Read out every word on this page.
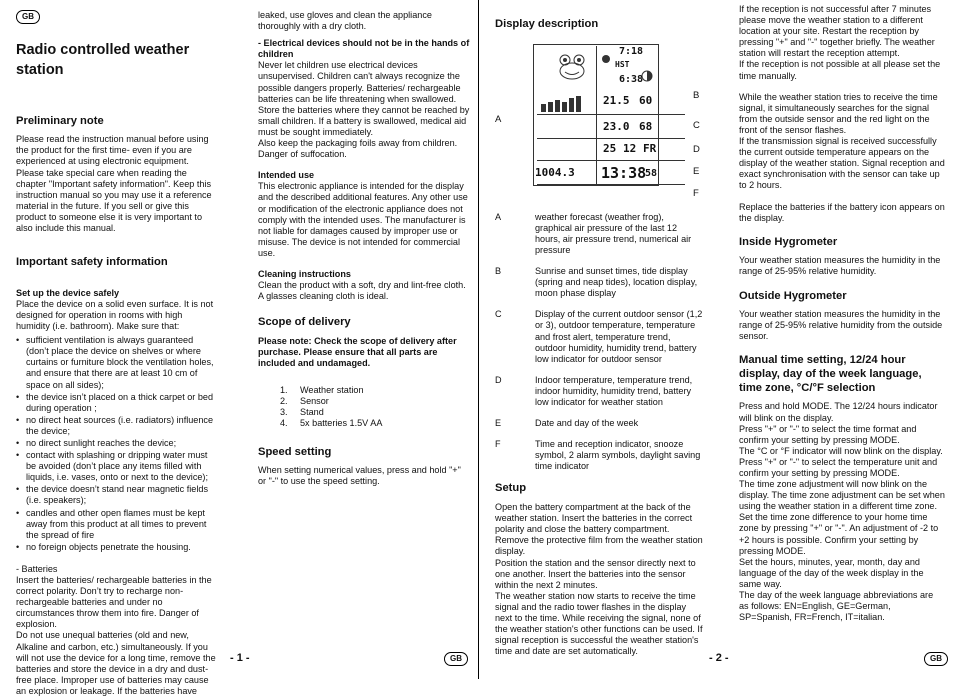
GB
Radio controlled weather station
Preliminary note

Please read the instruction manual before using the product for the first time- even if you are experienced at using electronic equipment. Please take special care when reading the chapter "Important safety information". Keep this instruction manual so you may use it a reference material in the future. If you sell or give this product to someone else it is very important to also include this manual.

Important safety information

Set up the device safely

Place the device on a solid even surface. It is not designed for operation in rooms with high humidity (i.e. bathroom). Make sure that:

• sufficient ventilation is always guaranteed (don’t place the device on shelves or where curtains or furniture block the ventilation holes, and ensure that there are at least 10 cm of space on all sides);
• the device isn’t placed on a thick carpet or bed during operation ;
• no direct heat sources (i.e. radiators) influence the device;
• no direct sunlight reaches the device;
• contact with splashing or dripping water must be avoided (don’t place any items filled with liquids, i.e. vases, onto or next to the device);
• the device doesn’t stand near magnetic fields (i.e. speakers);
• candles and other open flames must be kept away from this product at all times to prevent the spread of fire
• no foreign objects penetrate the housing.

- Batteries
Insert the batteries/ rechargeable batteries in the correct polarity. Don’t try to recharge non-rechargeable batteries and under no circumstances throw them into fire. Danger of explosion.
Do not use unequal batteries (old and new, Alkaline and carbon, etc.) simultaneously. If you will not use the device for a long time, remove the batteries and store the device in a dry and dust-free place. Improper use of batteries may cause an explosion or leakage. If the batteries have

leaked, use gloves and clean the appliance thoroughly with a dry cloth.

- Electrical devices should not be in the hands of children

Never let children use electrical devices unsupervised. Children can't always recognize the possible dangers properly. Batteries/ rechargeable batteries can be life threatening when swallowed. Store the batteries where they cannot be reached by small children. If a battery is swallowed, medical aid must be sought immediately.
Also keep the packaging foils away from children. Danger of suffocation.

Intended use

This electronic appliance is intended for the display and the described additional features. Any other use or modification of the electronic appliance does not comply with the intended uses. The manufacturer is not liable for damages caused by improper use or misuse. The device is not intended for commercial use.

Cleaning instructions

Clean the product with a soft, dry and lint-free cloth. A glasses cleaning cloth is ideal.

Scope of delivery

Please note: Check the scope of delivery after purchase. Please ensure that all parts are included and undamaged.

1.	Weather station
2.	Sensor
3.	Stand
4.	5x batteries 1.5V AA
Speed setting

When setting numerical values, press and hold "+" or "-" to use the speed setting.

- 1 -	GB
Display description
7:18
HST
6:38
21.5 60
23.0 68
25 12 FR
1004.3 13:38
58
A
B
C
D
E
F
A	weather forecast (weather frog), graphical air pressure of the last 12 hours, air pressure trend, numerical air pressure
B	Sunrise and sunset times, tide display (spring and neap tides), location display, moon phase display
C	Display of the current outdoor sensor (1,2 or 3), outdoor temperature, temperature and frost alert, temperature trend, outdoor humidity, humidity trend, battery low indicator for outdoor sensor
D	Indoor temperature, temperature trend, indoor humidity, humidity trend, battery low indicator for weather station
E	Date and day of the week
F	Time and reception indicator, snooze symbol, 2 alarm symbols, daylight saving time indicator
Setup

Open the battery compartment at the back of the weather station. Insert the batteries in the correct polarity and close the battery compartment. Remove the protective film from the weather station display.
Position the station and the sensor directly next to one another. Insert the batteries into the sensor within the next 2 minutes.
The weather station now starts to receive the time signal and the radio tower flashes in the display next to the time. While receiving the signal, none of the weather station's other functions can be used. If signal reception is successful the weather station's time and date are set automatically.

If the reception is not successful after 7 minutes please move the weather station to a different location at your site. Restart the reception by pressing "+" and "-" together briefly. The weather station will restart the reception attempt.
If the reception is not possible at all please set the time manually.

While the weather station tries to receive the time signal, it simultaneously searches for the signal from the outside sensor and the red light on the front of the sensor flashes.
If the transmission signal is received successfully the current outside temperature appears on the display of the weather station. Signal reception and exact synchronisation with the sensor can take up to 2 hours.

Replace the batteries if the battery icon appears on the display.

Inside Hygrometer

Your weather station measures the humidity in the range of 25-95% relative humidity.

Outside Hygrometer

Your weather station measures the humidity in the range of 25-95% relative humidity from the outside sensor.

Manual time setting, 12/24 hour display, day of the week language, time zone, °C/°F selection

Press and hold MODE. The 12/24 hours indicator will blink on the display.
Press "+" or "-" to select the time format and confirm your setting by pressing MODE.
The °C or °F indicator will now blink on the display. Press "+" or "-" to select the temperature unit and confirm your setting by pressing MODE.
The time zone adjustment will now blink on the display. The time zone adjustment can be set when using the weather station in a different time zone.
Set the time zone difference to your home time zone by pressing "+" or "-". An adjustment of -2 to +2 hours is possible. Confirm your setting by pressing MODE.
Set the hours, minutes, year, month, day and language of the day of the week display in the same way.
The day of the week language abbreviations are as follows: EN=English, GE=German, SP=Spanish, FR=French, IT=italian.

- 2 -	GB
